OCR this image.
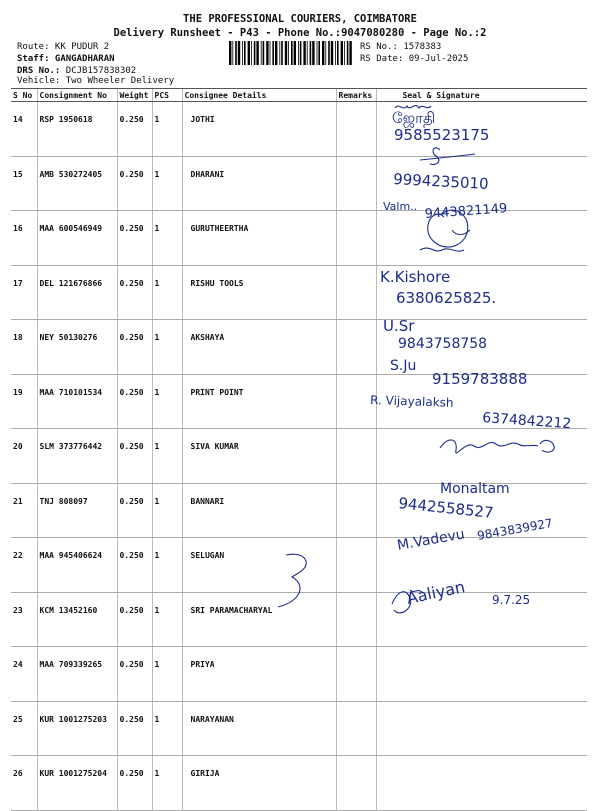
THE PROFESSIONAL COURIERS, COIMBATORE
Delivery Runsheet - P43 - Phone No.:9047080280 - Page No.:2
Route: KK PUDUR 2
Staff: GANGADHARAN
DRS No.: DCJB157838302
Vehicle: Two Wheeler Delivery
RS No.: 1578383
RS Date: 09-Jul-2025
S No	Consignment No	Weight	PCS	Consignee Details	Remarks	Seal & Signature
14	RSP 1950618	0.250	1	JOTHI		
15	AMB 530272405	0.250	1	DHARANI		
16	MAA 600546949	0.250	1	GURUTHEERTHA		
17	DEL 121676866	0.250	1	RISHU TOOLS		
18	NEY 50130276	0.250	1	AKSHAYA		
19	MAA 710101534	0.250	1	PRINT POINT		
20	SLM 373776442	0.250	1	SIVA KUMAR		
21	TNJ 808097	0.250	1	BANNARI		
22	MAA 945406624	0.250	1	SELUGAN		
23	KCM 13452160	0.250	1	SRI PARAMACHARYAL		
24	MAA 709339265	0.250	1	PRIYA		
25	KUR 1001275203	0.250	1	NARAYANAN		
26	KUR 1001275204	0.250	1	GIRIJA		
ஜோதி
9585523175
9994235010
Valm.. 9443821149
K.Kishore
6380625825.
U.Sr
9843758758
S.Ju
9159783888
R. Vijayalaksh
6374842212
Monaltam
9442558527
M.Vadevu 9843839927
Aaliyan 9.7.25
